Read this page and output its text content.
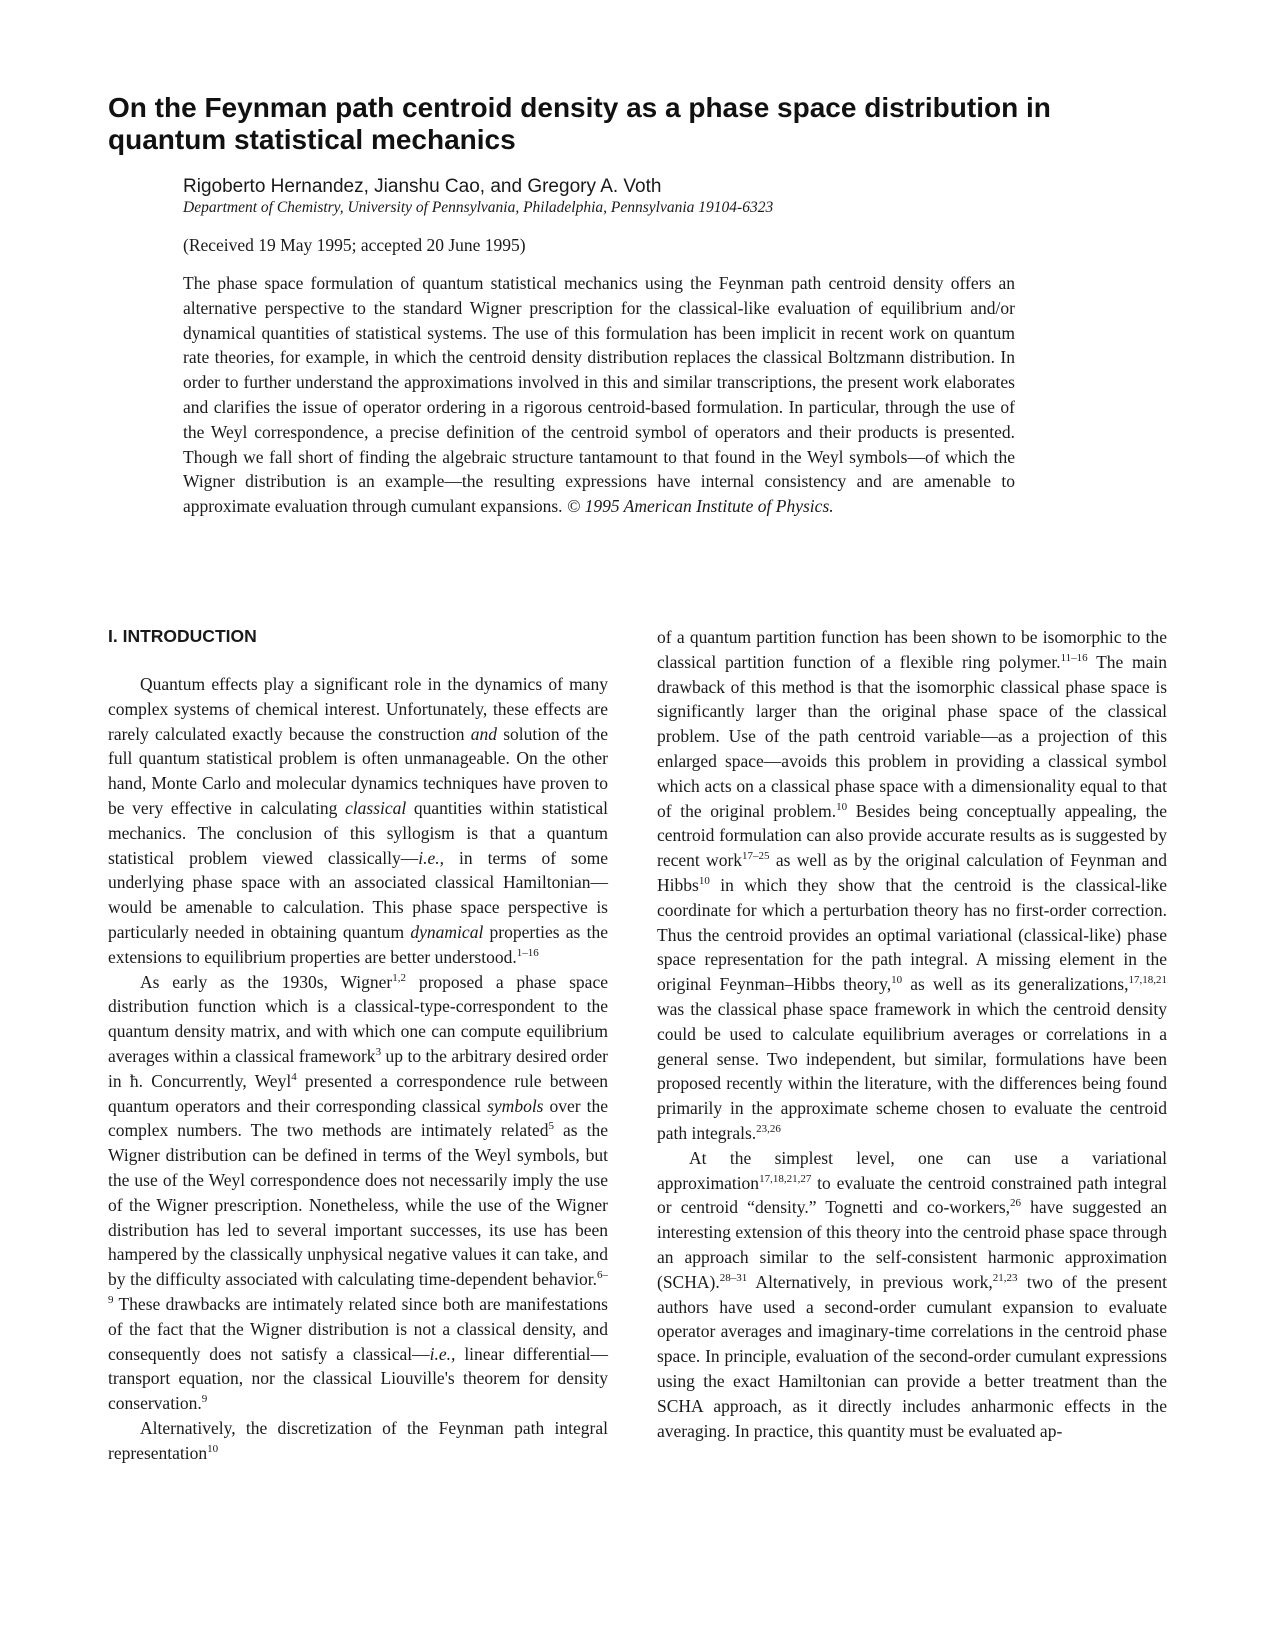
On the Feynman path centroid density as a phase space distribution in quantum statistical mechanics
Rigoberto Hernandez, Jianshu Cao, and Gregory A. Voth
Department of Chemistry, University of Pennsylvania, Philadelphia, Pennsylvania 19104-6323
(Received 19 May 1995; accepted 20 June 1995)
The phase space formulation of quantum statistical mechanics using the Feynman path centroid density offers an alternative perspective to the standard Wigner prescription for the classical-like evaluation of equilibrium and/or dynamical quantities of statistical systems. The use of this formulation has been implicit in recent work on quantum rate theories, for example, in which the centroid density distribution replaces the classical Boltzmann distribution. In order to further understand the approximations involved in this and similar transcriptions, the present work elaborates and clarifies the issue of operator ordering in a rigorous centroid-based formulation. In particular, through the use of the Weyl correspondence, a precise definition of the centroid symbol of operators and their products is presented. Though we fall short of finding the algebraic structure tantamount to that found in the Weyl symbols—of which the Wigner distribution is an example—the resulting expressions have internal consistency and are amenable to approximate evaluation through cumulant expansions. © 1995 American Institute of Physics.
I. INTRODUCTION

Quantum effects play a significant role in the dynamics of many complex systems of chemical interest. Unfortunately, these effects are rarely calculated exactly because the construction and solution of the full quantum statistical problem is often unmanageable. On the other hand, Monte Carlo and molecular dynamics techniques have proven to be very effective in calculating classical quantities within statistical mechanics. The conclusion of this syllogism is that a quantum statistical problem viewed classically—i.e., in terms of some underlying phase space with an associated classical Hamiltonian—would be amenable to calculation. This phase space perspective is particularly needed in obtaining quantum dynamical properties as the extensions to equilibrium properties are better understood.$^{1-16}$

As early as the 1930s, Wigner$^{1,2}$ proposed a phase space distribution function which is a classical-type-correspondent to the quantum density matrix, and with which one can compute equilibrium averages within a classical framework$^3$ up to the arbitrary desired order in ħ. Concurrently, Weyl$^4$ presented a correspondence rule between quantum operators and their corresponding classical symbols over the complex numbers. The two methods are intimately related$^5$ as the Wigner distribution can be defined in terms of the Weyl symbols, but the use of the Weyl correspondence does not necessarily imply the use of the Wigner prescription. Nonetheless, while the use of the Wigner distribution has led to several important successes, its use has been hampered by the classically unphysical negative values it can take, and by the difficulty associated with calculating time-dependent behavior.$^{6-9}$ These drawbacks are intimately related since both are manifestations of the fact that the Wigner distribution is not a classical density, and consequently does not satisfy a classical—i.e., linear differential—transport equation, nor the classical Liouville's theorem for density conservation.$^9$

Alternatively, the discretization of the Feynman path integral representation$^{10}$

of a quantum partition function has been shown to be isomorphic to the classical partition function of a flexible ring polymer.$^{11-16}$ The main drawback of this method is that the isomorphic classical phase space is significantly larger than the original phase space of the classical problem. Use of the path centroid variable—as a projection of this enlarged space—avoids this problem in providing a classical symbol which acts on a classical phase space with a dimensionality equal to that of the original problem.$^{10}$ Besides being conceptually appealing, the centroid formulation can also provide accurate results as is suggested by recent work$^{17-25}$ as well as by the original calculation of Feynman and Hibbs$^{10}$ in which they show that the centroid is the classical-like coordinate for which a perturbation theory has no first-order correction. Thus the centroid provides an optimal variational (classical-like) phase space representation for the path integral. A missing element in the original Feynman–Hibbs theory,$^{10}$ as well as its generalizations,$^{17,18,21}$ was the classical phase space framework in which the centroid density could be used to calculate equilibrium averages or correlations in a general sense. Two independent, but similar, formulations have been proposed recently within the literature, with the differences being found primarily in the approximate scheme chosen to evaluate the centroid path integrals.$^{23,26}$

At the simplest level, one can use a variational approximation$^{17,18,21,27}$ to evaluate the centroid constrained path integral or centroid “density.” Tognetti and co-workers,$^{26}$ have suggested an interesting extension of this theory into the centroid phase space through an approach similar to the self-consistent harmonic approximation (SCHA).$^{28-31}$ Alternatively, in previous work,$^{21,23}$ two of the present authors have used a second-order cumulant expansion to evaluate operator averages and imaginary-time correlations in the centroid phase space. In principle, evaluation of the second-order cumulant expressions using the exact Hamiltonian can provide a better treatment than the SCHA approach, as it directly includes anharmonic effects in the averaging. In practice, this quantity must be evaluated ap-
